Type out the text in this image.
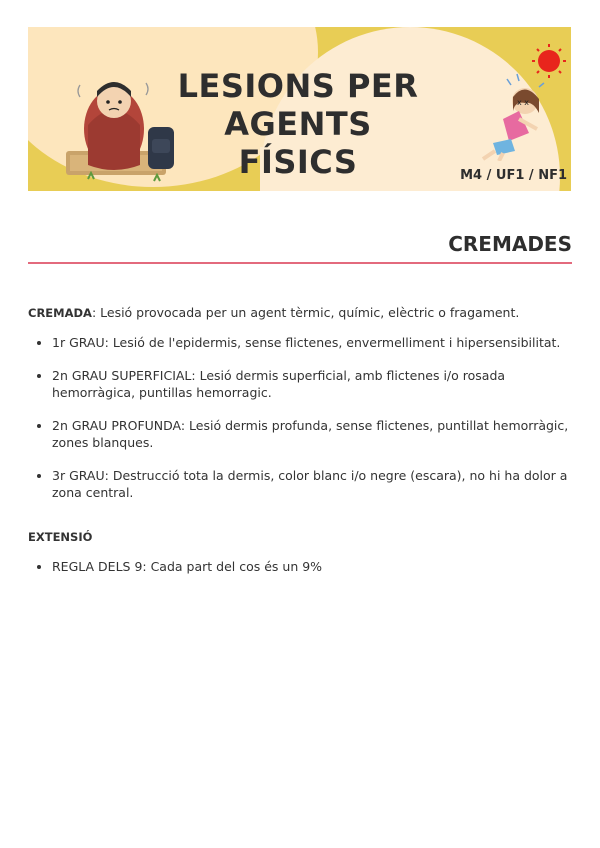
x x
LESIONS PER
AGENTS FÍSICS	M4 / UF1 / NF1
CREMADES

CREMADA: Lesió provocada per un agent tèrmic, químic, elèctric o fragament.

• 1r GRAU: Lesió de l'epidermis, sense flictenes, envermelliment i hipersensibilitat.
• 2n GRAU SUPERFICIAL: Lesió dermis superficial, amb flictenes i/o rosada hemorràgica, puntillas hemorragic.
• 2n GRAU PROFUNDA: Lesió dermis profunda, sense flictenes, puntillat hemorràgic, zones blanques.
• 3r GRAU: Destrucció tota la dermis, color blanc i/o negre (escara), no hi ha dolor a zona central.
EXTENSIÓ
• REGLA DELS 9: Cada part del cos és un 9%
